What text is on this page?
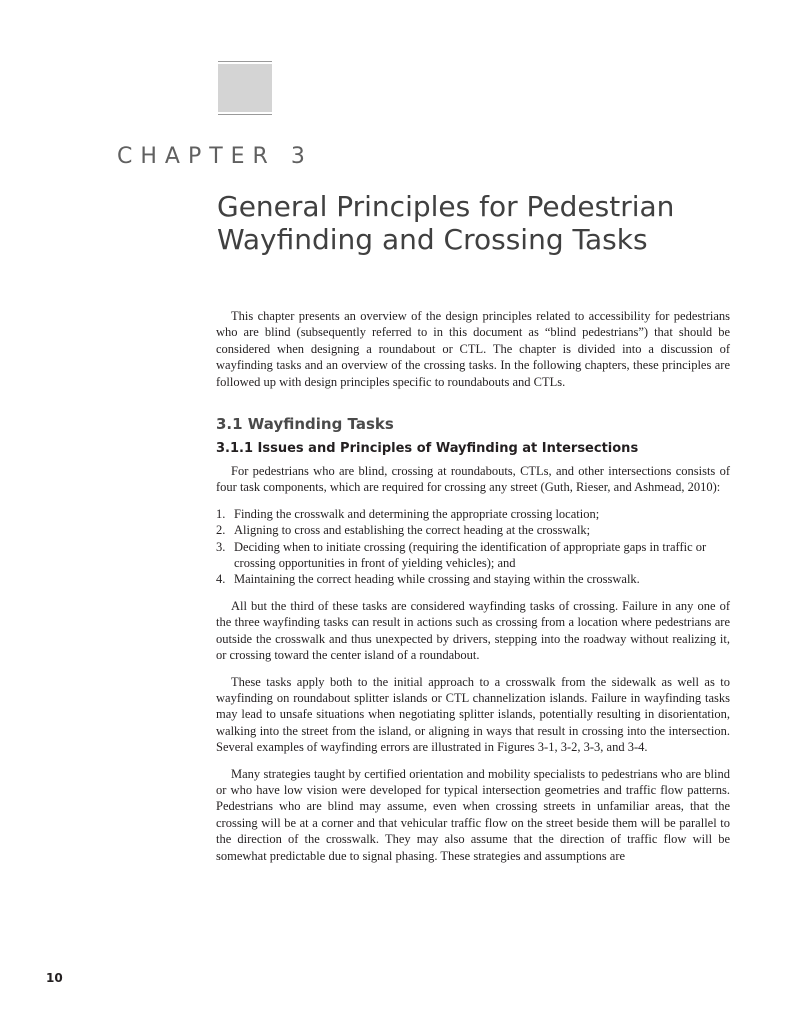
CHAPTER 3
General Principles for Pedestrian Wayfinding and Crossing Tasks

This chapter presents an overview of the design principles related to accessibility for pedestrians who are blind (subsequently referred to in this document as “blind pedestrians”) that should be considered when designing a roundabout or CTL. The chapter is divided into a discussion of wayfinding tasks and an overview of the crossing tasks. In the following chapters, these principles are followed up with design principles specific to roundabouts and CTLs.

3.1 Wayfinding Tasks
3.1.1 Issues and Principles of Wayfinding at Intersections

For pedestrians who are blind, crossing at roundabouts, CTLs, and other intersections consists of four task components, which are required for crossing any street (Guth, Rieser, and Ashmead, 2010):

1. Finding the crosswalk and determining the appropriate crossing location;
2. Aligning to cross and establishing the correct heading at the crosswalk;
3. Deciding when to initiate crossing (requiring the identification of appropriate gaps in traffic or crossing opportunities in front of yielding vehicles); and
4. Maintaining the correct heading while crossing and staying within the crosswalk.

All but the third of these tasks are considered wayfinding tasks of crossing. Failure in any one of the three wayfinding tasks can result in actions such as crossing from a location where pedestrians are outside the crosswalk and thus unexpected by drivers, stepping into the roadway without realizing it, or crossing toward the center island of a roundabout.

These tasks apply both to the initial approach to a crosswalk from the sidewalk as well as to wayfinding on roundabout splitter islands or CTL channelization islands. Failure in wayfinding tasks may lead to unsafe situations when negotiating splitter islands, potentially resulting in disorientation, walking into the street from the island, or aligning in ways that result in crossing into the intersection. Several examples of wayfinding errors are illustrated in Figures 3-1, 3-2, 3-3, and 3-4.

Many strategies taught by certified orientation and mobility specialists to pedestrians who are blind or who have low vision were developed for typical intersection geometries and traffic flow patterns. Pedestrians who are blind may assume, even when crossing streets in unfamiliar areas, that the crossing will be at a corner and that vehicular traffic flow on the street beside them will be parallel to the direction of the crosswalk. They may also assume that the direction of traffic flow will be somewhat predictable due to signal phasing. These strategies and assumptions are

10
